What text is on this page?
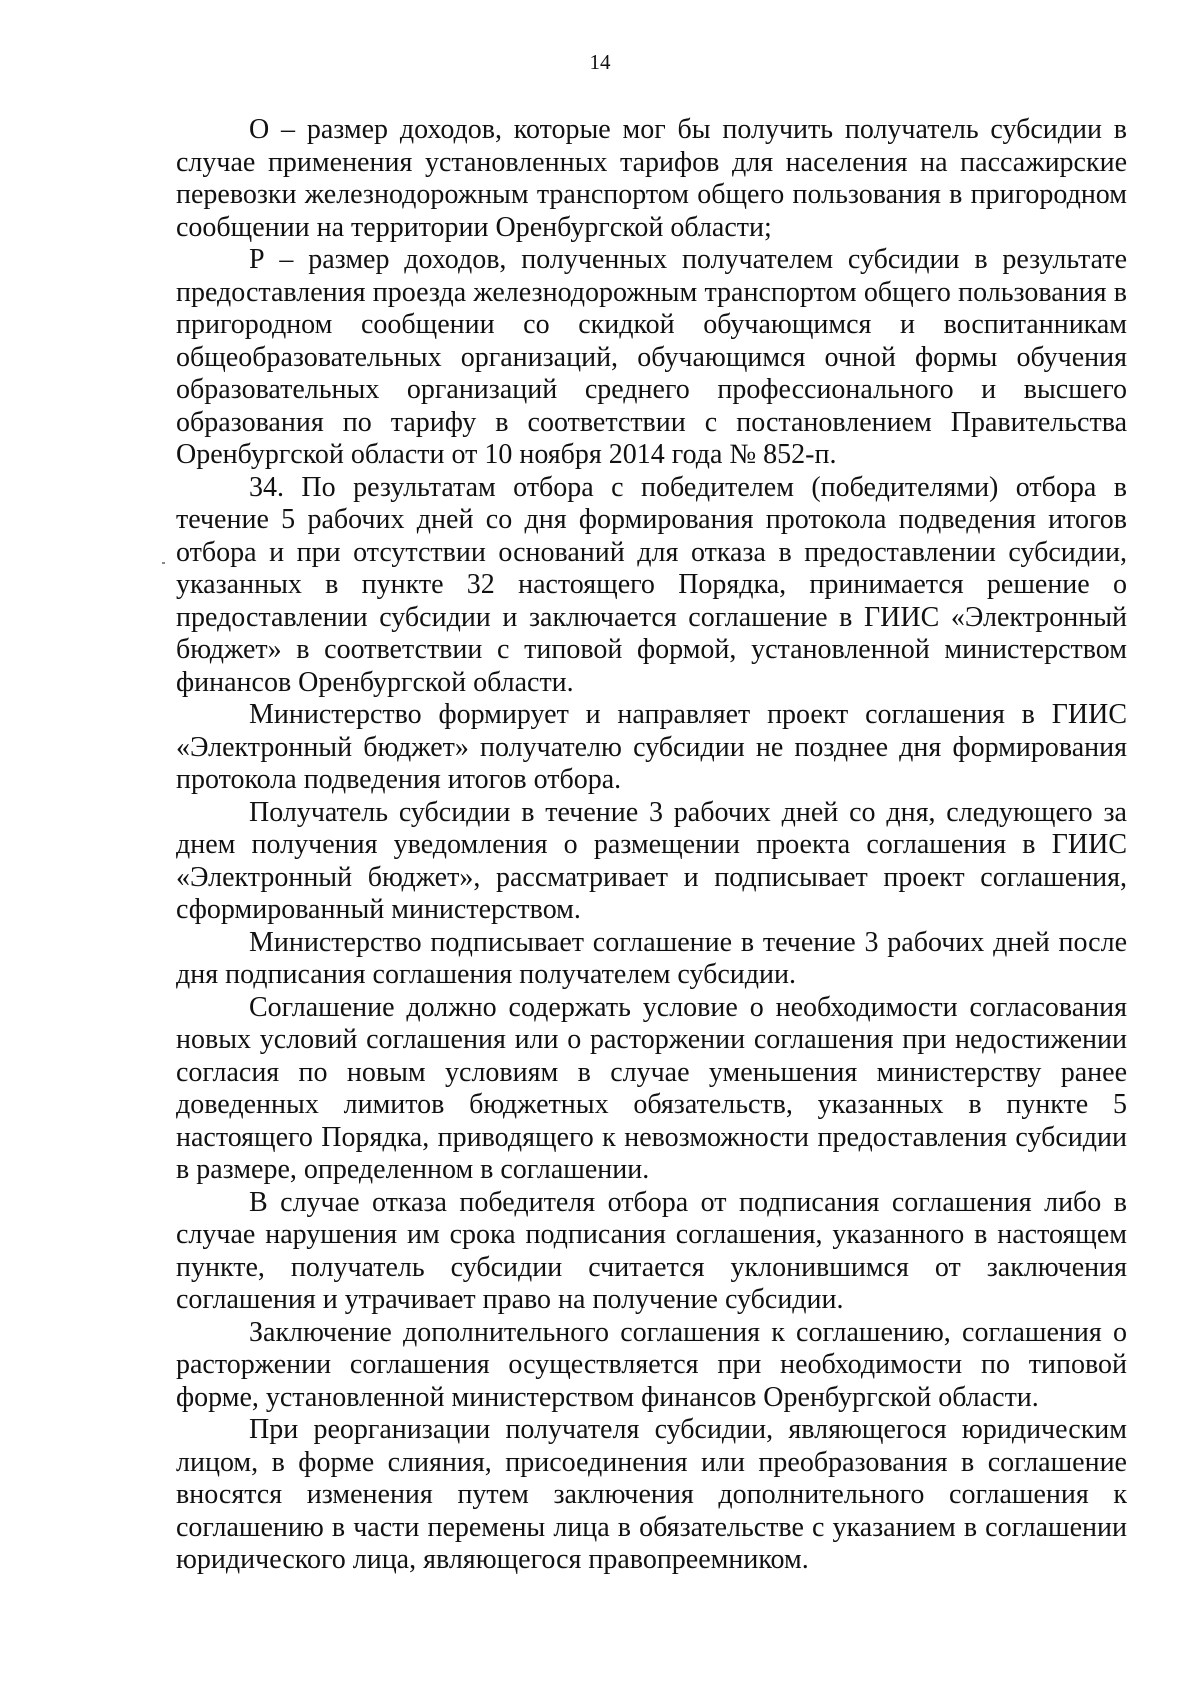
14

О – размер доходов, которые мог бы получить получатель субсидии в случае применения установленных тарифов для населения на пассажирские перевозки железнодорожным транспортом общего пользования в пригородном сообщении на территории Оренбургской области;

Р – размер доходов, полученных получателем субсидии в результате предоставления проезда железнодорожным транспортом общего пользования в пригородном сообщении со скидкой обучающимся и воспитанникам общеобразовательных организаций, обучающимся очной формы обучения образовательных организаций среднего профессионального и высшего образования по тарифу в соответствии с постановлением Правительства Оренбургской области от 10 ноября 2014 года № 852-п.

34. По результатам отбора с победителем (победителями) отбора в течение 5 рабочих дней со дня формирования протокола подведения итогов отбора и при отсутствии оснований для отказа в предоставлении субсидии, указанных в пункте 32 настоящего Порядка, принимается решение о предоставлении субсидии и заключается соглашение в ГИИС «Электронный бюджет» в соответствии с типовой формой, установленной министерством финансов Оренбургской области.

Министерство формирует и направляет проект соглашения в ГИИС «Электронный бюджет» получателю субсидии не позднее дня формирования протокола подведения итогов отбора.

Получатель субсидии в течение 3 рабочих дней со дня, следующего за днем получения уведомления о размещении проекта соглашения в ГИИС «Электронный бюджет», рассматривает и подписывает проект соглашения, сформированный министерством.

Министерство подписывает соглашение в течение 3 рабочих дней после дня подписания соглашения получателем субсидии.

Соглашение должно содержать условие о необходимости согласования новых условий соглашения или о расторжении соглашения при недостижении согласия по новым условиям в случае уменьшения министерству ранее доведенных лимитов бюджетных обязательств, указанных в пункте 5 настоящего Порядка, приводящего к невозможности предоставления субсидии в размере, определенном в соглашении.

В случае отказа победителя отбора от подписания соглашения либо в случае нарушения им срока подписания соглашения, указанного в настоящем пункте, получатель субсидии считается уклонившимся от заключения соглашения и утрачивает право на получение субсидии.

Заключение дополнительного соглашения к соглашению, соглашения о расторжении соглашения осуществляется при необходимости по типовой форме, установленной министерством финансов Оренбургской области.

При реорганизации получателя субсидии, являющегося юридическим лицом, в форме слияния, присоединения или преобразования в соглашение вносятся изменения путем заключения дополнительного соглашения к соглашению в части перемены лица в обязательстве с указанием в соглашении юридического лица, являющегося правопреемником.
